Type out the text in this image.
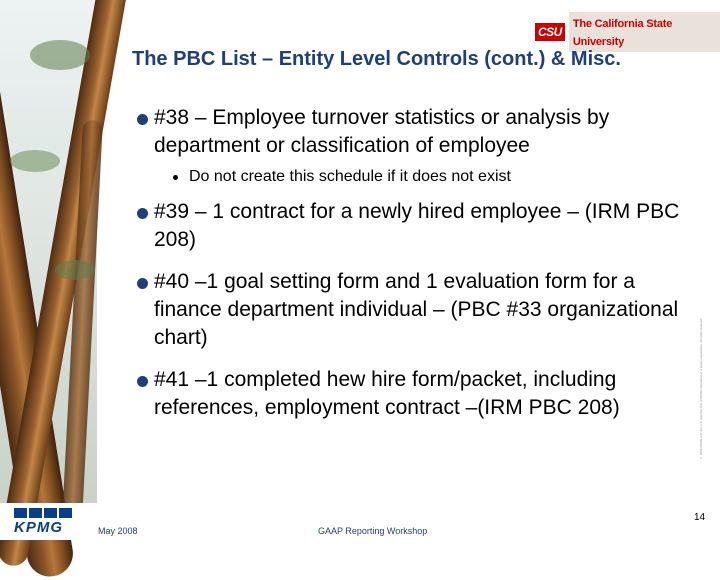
CSU
The California State University
The PBC List – Entity Level Controls (cont.) & Misc.
#38 – Employee turnover statistics or analysis by department or classification of employee
Do not create this schedule if it does not exist
#39 – 1 contract for a newly hired employee – (IRM PBC 208)
#40 –1 goal setting form and 1 evaluation form for a finance department individual – (PBC #33 organizational chart)
#41 –1 completed hew hire form/packet, including references, employment contract –(IRM PBC 208)	© 2008 KPMG LLP, the U.S. member firm of KPMG International, a Swiss cooperative. All rights reserved.
KPMG	May 2008	GAAP Reporting Workshop
14
